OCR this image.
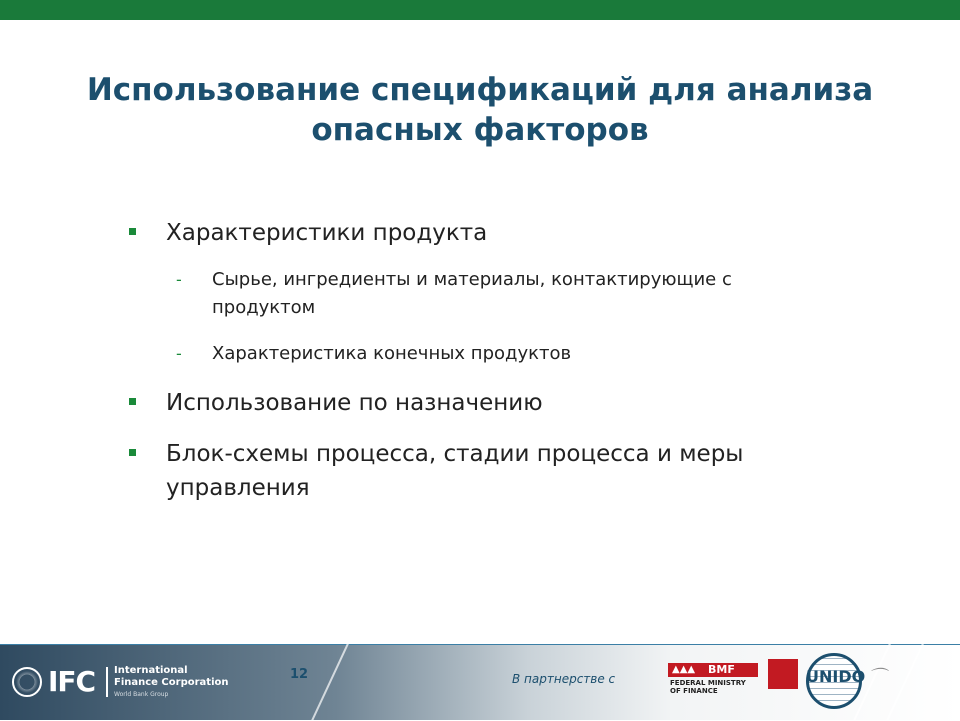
Использование спецификаций для анализа
опасных факторов
Характеристики продукта
- Сырье, ингредиенты и материалы, контактирующие с
продуктом
- Характеристика конечных продуктов
Использование по назначению
Блок-схемы процесса, стадии процесса и меры
управления
IFC International
Finance Corporation
World Bank Group
12	В партнерстве с
▲▲▲	BMF
FEDERAL MINISTRY
OF FINANCE
UNIDO ⌒
